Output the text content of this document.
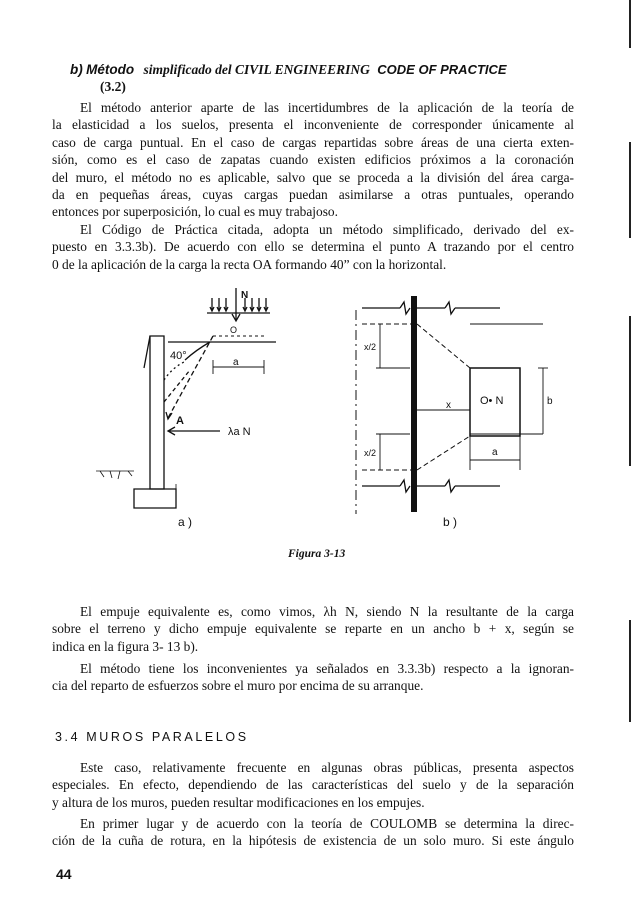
b) Método simplificado del CIVIL ENGINEERING CODE OF PRACTICE
(3.2)
El método anterior aparte de las incertidumbres de la aplicación de la teoría de
la elasticidad a los suelos, presenta el inconveniente de corresponder únicamente al
caso de carga puntual. En el caso de cargas repartidas sobre áreas de una cierta exten-
sión, como es el caso de zapatas cuando existen edificios próximos a la coronación
del muro, el método no es aplicable, salvo que se proceda a la división del área carga-
da en pequeñas áreas, cuyas cargas puedan asimilarse a otras puntuales, operando
entonces por superposición, lo cual es muy trabajoso.
El Código de Práctica citada, adopta un método simplificado, derivado del ex-
puesto en 3.3.3b). De acuerdo con ello se determina el punto A trazando por el centro
0 de la aplicación de la carga la recta OA formando 40” con la horizontal.
N
O
40°
a
A
λa N
a )
O• N
x/2
x/2
x	b
a
b )
Figura 3-13
El empuje equivalente es, como vimos, λh N, siendo N la resultante de la carga
sobre el terreno y dicho empuje equivalente se reparte en un ancho b + x, según se
indica en la figura 3- 13 b).
El método tiene los inconvenientes ya señalados en 3.3.3b) respecto a la ignoran-
cia del reparto de esfuerzos sobre el muro por encima de su arranque.
3.4 MUROS PARALELOS
Este caso, relativamente frecuente en algunas obras públicas, presenta aspectos
especiales. En efecto, dependiendo de las características del suelo y de la separación
y altura de los muros, pueden resultar modificaciones en los empujes.
En primer lugar y de acuerdo con la teoría de COULOMB se determina la direc-
ción de la cuña de rotura, en la hipótesis de existencia de un solo muro. Si este ángulo
44
